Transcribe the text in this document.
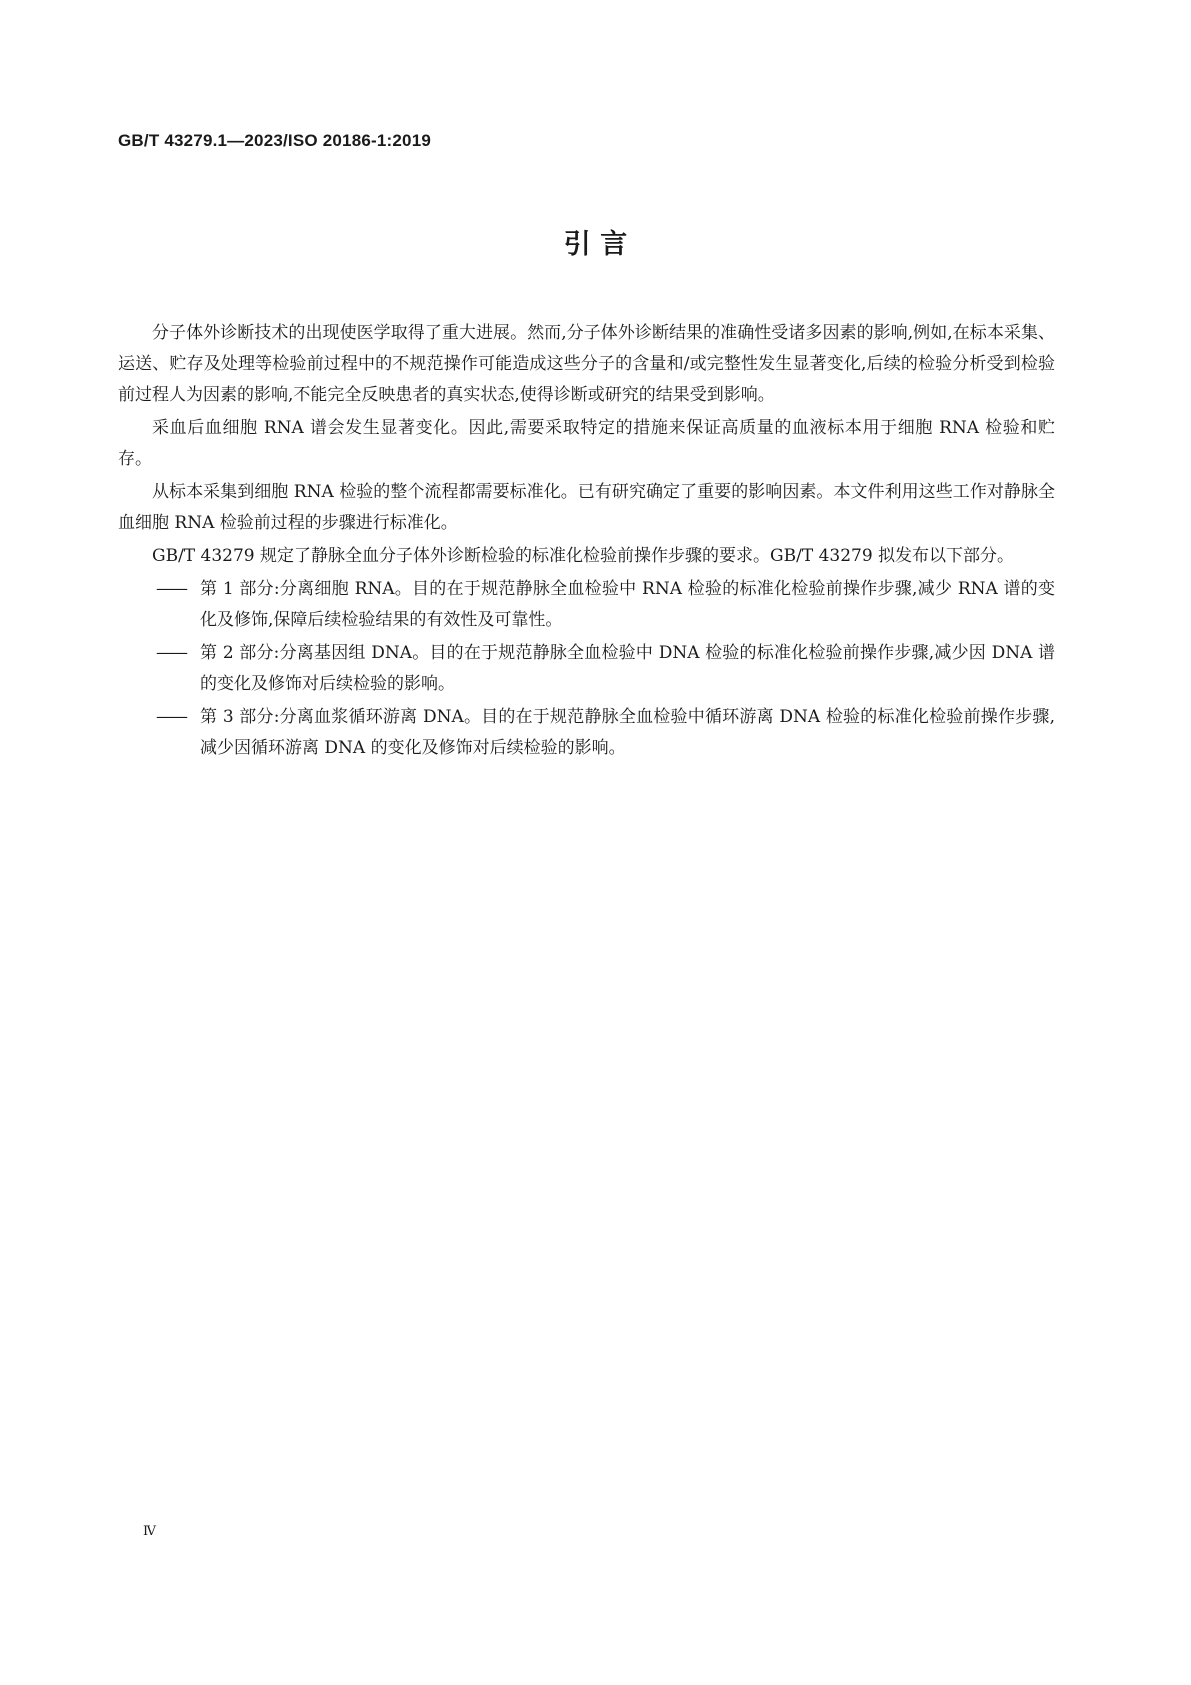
GB/T 43279.1—2023/ISO 20186-1:2019
引 言

分子体外诊断技术的出现使医学取得了重大进展。然而,分子体外诊断结果的准确性受诸多因素的影响,例如,在标本采集、运送、贮存及处理等检验前过程中的不规范操作可能造成这些分子的含量和/或完整性发生显著变化,后续的检验分析受到检验前过程人为因素的影响,不能完全反映患者的真实状态,使得诊断或研究的结果受到影响。

采血后血细胞 RNA 谱会发生显著变化。因此,需要采取特定的措施来保证高质量的血液标本用于细胞 RNA 检验和贮存。

从标本采集到细胞 RNA 检验的整个流程都需要标准化。已有研究确定了重要的影响因素。本文件利用这些工作对静脉全血细胞 RNA 检验前过程的步骤进行标准化。

GB/T 43279 规定了静脉全血分子体外诊断检验的标准化检验前操作步骤的要求。GB/T 43279 拟发布以下部分。

—— 第 1 部分:分离细胞 RNA。目的在于规范静脉全血检验中 RNA 检验的标准化检验前操作步骤,减少 RNA 谱的变化及修饰,保障后续检验结果的有效性及可靠性。
—— 第 2 部分:分离基因组 DNA。目的在于规范静脉全血检验中 DNA 检验的标准化检验前操作步骤,减少因 DNA 谱的变化及修饰对后续检验的影响。
—— 第 3 部分:分离血浆循环游离 DNA。目的在于规范静脉全血检验中循环游离 DNA 检验的标准化检验前操作步骤,减少因循环游离 DNA 的变化及修饰对后续检验的影响。
Ⅳ
